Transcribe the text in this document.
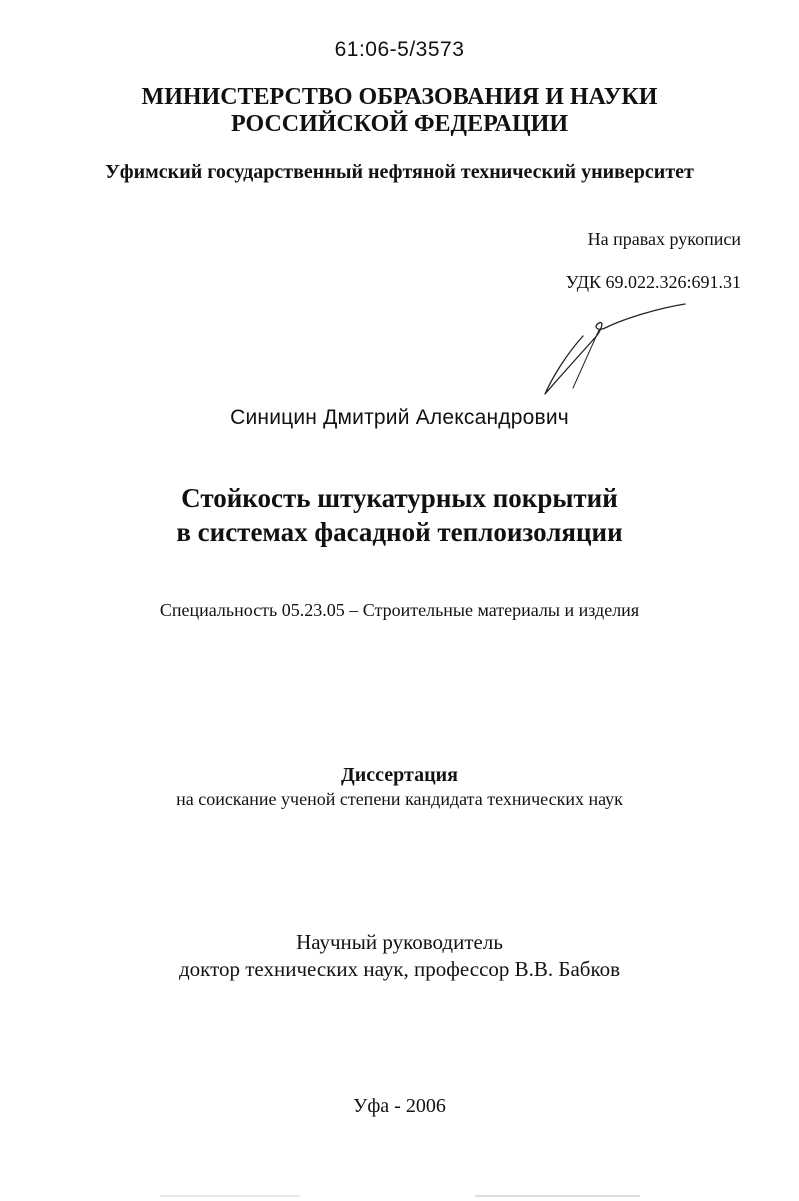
61:06-5/3573

МИНИСТЕРСТВО ОБРАЗОВАНИЯ И НАУКИ
РОССИЙСКОЙ ФЕДЕРАЦИИ

Уфимский государственный нефтяной технический университет

На правах рукописи

УДК 69.022.326:691.31

Синицин Дмитрий Александрович

Стойкость штукатурных покрытий
в системах фасадной теплоизоляции

Специальность 05.23.05 – Строительные материалы и изделия

Диссертация

на соискание ученой степени кандидата технических наук

Научный руководитель

доктор технических наук, профессор В.В. Бабков

Уфа - 2006
